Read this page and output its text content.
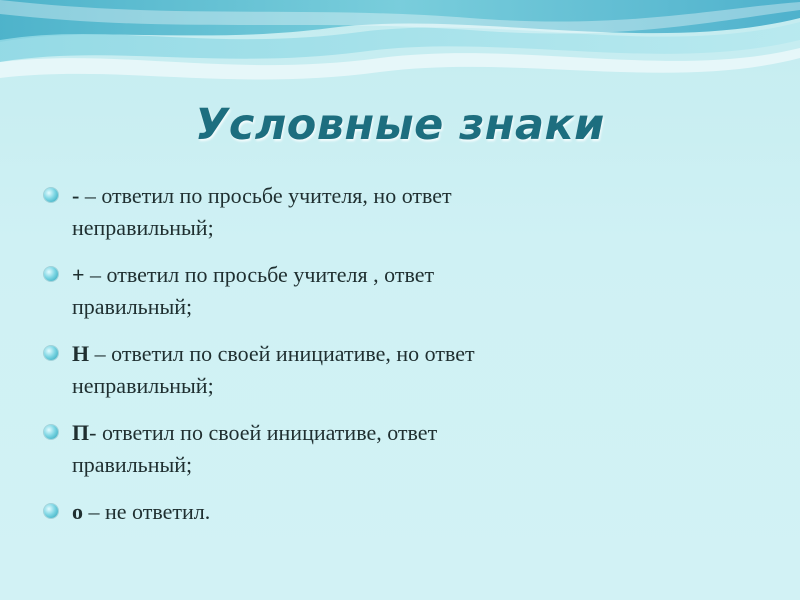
Условные знаки
- – ответил по просьбе учителя, но ответ
неправильный;
+ – ответил по просьбе учителя , ответ
правильный;
Н – ответил по своей инициативе, но ответ
неправильный;
П- ответил по своей инициативе, ответ
правильный;
о – не ответил.
